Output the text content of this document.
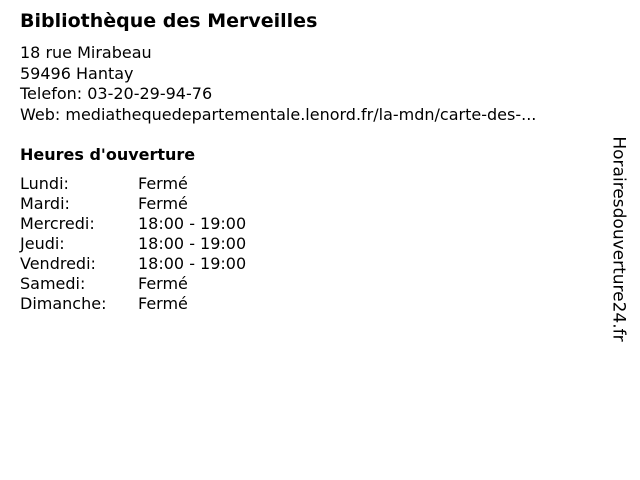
Bibliothèque des Merveilles
18 rue Mirabeau
59496 Hantay
Telefon: 03-20-29-94-76
Web: mediathequedepartementale.lenord.fr/la-mdn/carte-des-...
Heures d'ouverture
Lundi:	Fermé
Mardi:	Fermé
Mercredi:	18:00 - 19:00
Jeudi:	18:00 - 19:00
Vendredi:	18:00 - 19:00
Samedi:	Fermé
Dimanche:	Fermé	Horairesdouverture24.fr
